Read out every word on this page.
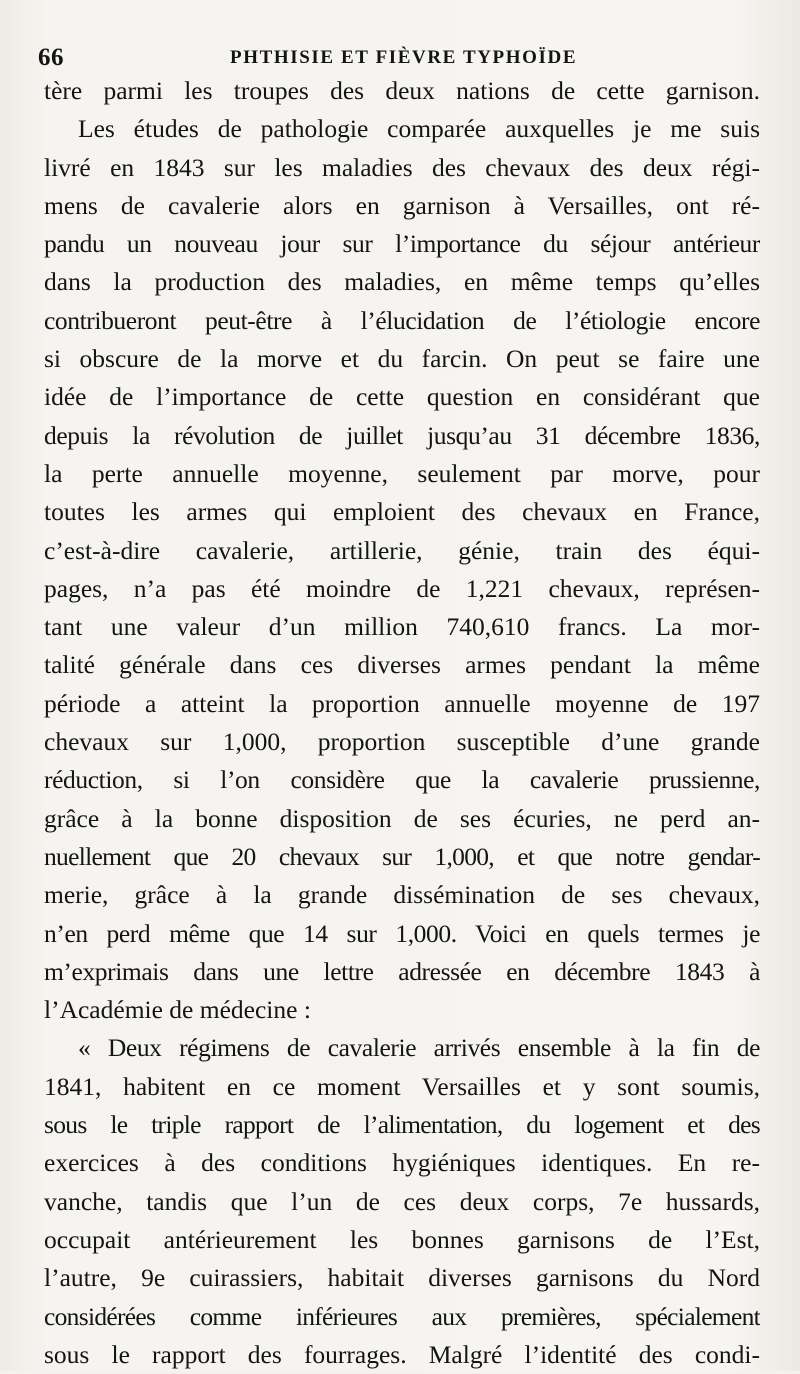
66	PHTHISIE ET FIÈVRE TYPHOÏDE
tère parmi les troupes des deux nations de cette garnison.
Les études de pathologie comparée auxquelles je me suis
livré en 1843 sur les maladies des chevaux des deux régi-
mens de cavalerie alors en garnison à Versailles, ont ré-
pandu un nouveau jour sur l’importance du séjour antérieur
dans la production des maladies, en même temps qu’elles
contribueront peut-être à l’élucidation de l’étiologie encore
si obscure de la morve et du farcin. On peut se faire une
idée de l’importance de cette question en considérant que
depuis la révolution de juillet jusqu’au 31 décembre 1836,
la perte annuelle moyenne, seulement par morve, pour
toutes les armes qui emploient des chevaux en France,
c’est-à-dire cavalerie, artillerie, génie, train des équi-
pages, n’a pas été moindre de 1,221 chevaux, représen-
tant une valeur d’un million 740,610 francs. La mor-
talité générale dans ces diverses armes pendant la même
période a atteint la proportion annuelle moyenne de 197
chevaux sur 1,000, proportion susceptible d’une grande
réduction, si l’on considère que la cavalerie prussienne,
grâce à la bonne disposition de ses écuries, ne perd an-
nuellement que 20 chevaux sur 1,000, et que notre gendar-
merie, grâce à la grande dissémination de ses chevaux,
n’en perd même que 14 sur 1,000. Voici en quels termes je
m’exprimais dans une lettre adressée en décembre 1843 à
l’Académie de médecine :
« Deux régimens de cavalerie arrivés ensemble à la fin de
1841, habitent en ce moment Versailles et y sont soumis,
sous le triple rapport de l’alimentation, du logement et des
exercices à des conditions hygiéniques identiques. En re-
vanche, tandis que l’un de ces deux corps, 7e hussards,
occupait antérieurement les bonnes garnisons de l’Est,
l’autre, 9e cuirassiers, habitait diverses garnisons du Nord
considérées comme inférieures aux premières, spécialement
sous le rapport des fourrages. Malgré l’identité des condi-
